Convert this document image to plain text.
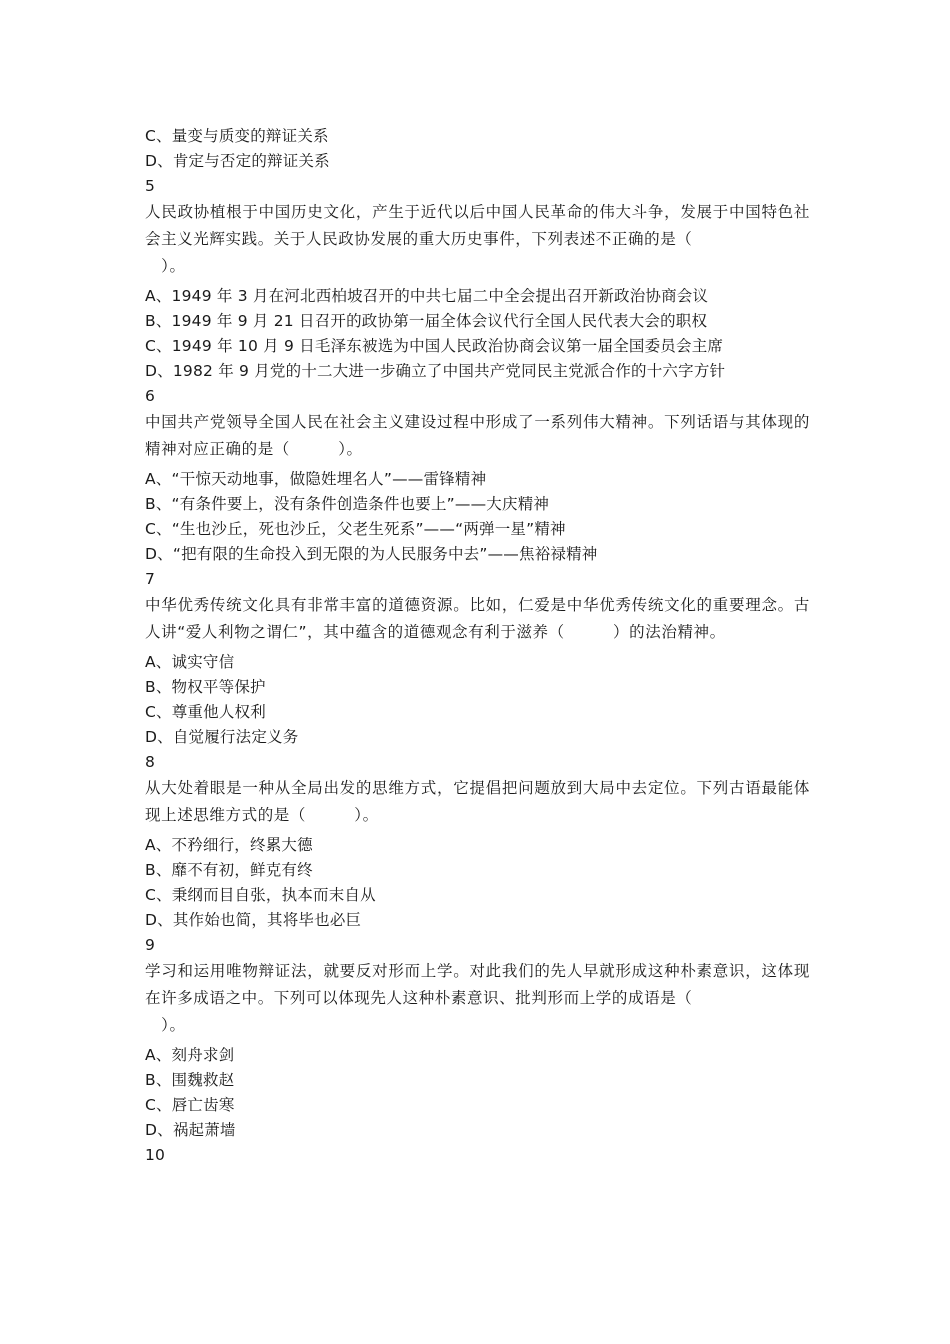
C、量变与质变的辩证关系
D、肯定与否定的辩证关系
5
人民政协植根于中国历史文化，产生于近代以后中国人民革命的伟大斗争，发展于中国特色社会主义光辉实践。关于人民政协发展的重大历史事件，下列表述不正确的是（
　）。
A、1949 年 3 月在河北西柏坡召开的中共七届二中全会提出召开新政治协商会议
B、1949 年 9 月 21 日召开的政协第一届全体会议代行全国人民代表大会的职权
C、1949 年 10 月 9 日毛泽东被选为中国人民政治协商会议第一届全国委员会主席
D、1982 年 9 月党的十二大进一步确立了中国共产党同民主党派合作的十六字方针
6
中国共产党领导全国人民在社会主义建设过程中形成了一系列伟大精神。下列话语与其体现的精神对应正确的是（　　　）。
A、“干惊天动地事，做隐姓埋名人”——雷锋精神
B、“有条件要上，没有条件创造条件也要上”——大庆精神
C、“生也沙丘，死也沙丘，父老生死系”——“两弹一星”精神
D、“把有限的生命投入到无限的为人民服务中去”——焦裕禄精神
7
中华优秀传统文化具有非常丰富的道德资源。比如，仁爱是中华优秀传统文化的重要理念。古人讲“爱人利物之谓仁”，其中蕴含的道德观念有利于滋养（　　　）的法治精神。
A、诚实守信
B、物权平等保护
C、尊重他人权利
D、自觉履行法定义务
8
从大处着眼是一种从全局出发的思维方式，它提倡把问题放到大局中去定位。下列古语最能体现上述思维方式的是（　　　）。
A、不矜细行，终累大德
B、靡不有初，鲜克有终
C、秉纲而目自张，执本而末自从
D、其作始也简，其将毕也必巨
9
学习和运用唯物辩证法，就要反对形而上学。对此我们的先人早就形成这种朴素意识，这体现在许多成语之中。下列可以体现先人这种朴素意识、批判形而上学的成语是（
　）。
A、刻舟求剑
B、围魏救赵
C、唇亡齿寒
D、祸起萧墙
10
